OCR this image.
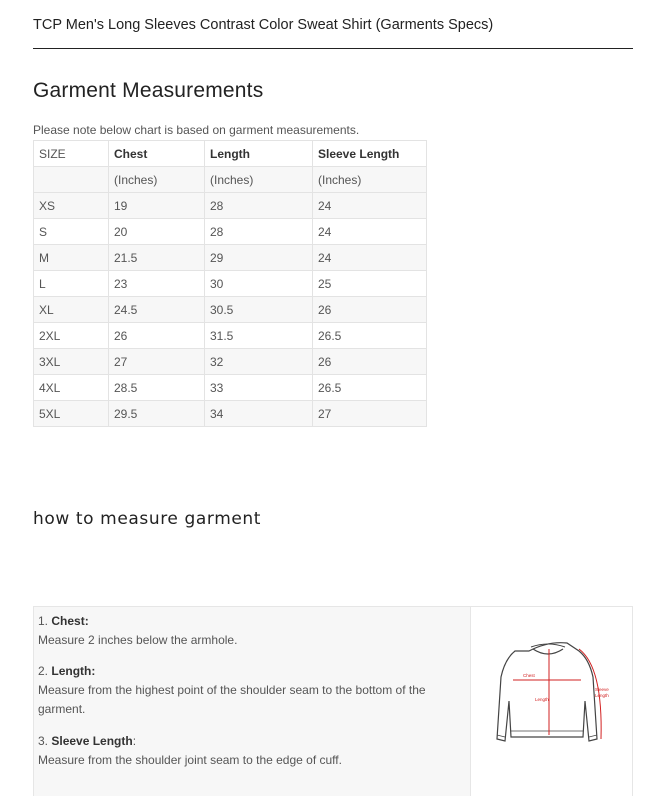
TCP Men's Long Sleeves Contrast Color Sweat Shirt (Garments Specs)
Garment Measurements
Please note below chart is based on garment measurements.
SIZE	Chest	Length	Sleeve Length
	(Inches)	(Inches)	(Inches)
XS	19	28	24
S	20	28	24
M	21.5	29	24
L	23	30	25
XL	24.5	30.5	26
2XL	26	31.5	26.5
3XL	27	32	26
4XL	28.5	33	26.5
5XL	29.5	34	27
how to measure garment
1. Chest:
Measure 2 inches below the armhole.
2. Length:
Measure from the highest point of the shoulder seam to the bottom of the garment.
3. Sleeve Length:
Measure from the shoulder joint seam to the edge of cuff.
Chest
Length
Sleeve
Length
